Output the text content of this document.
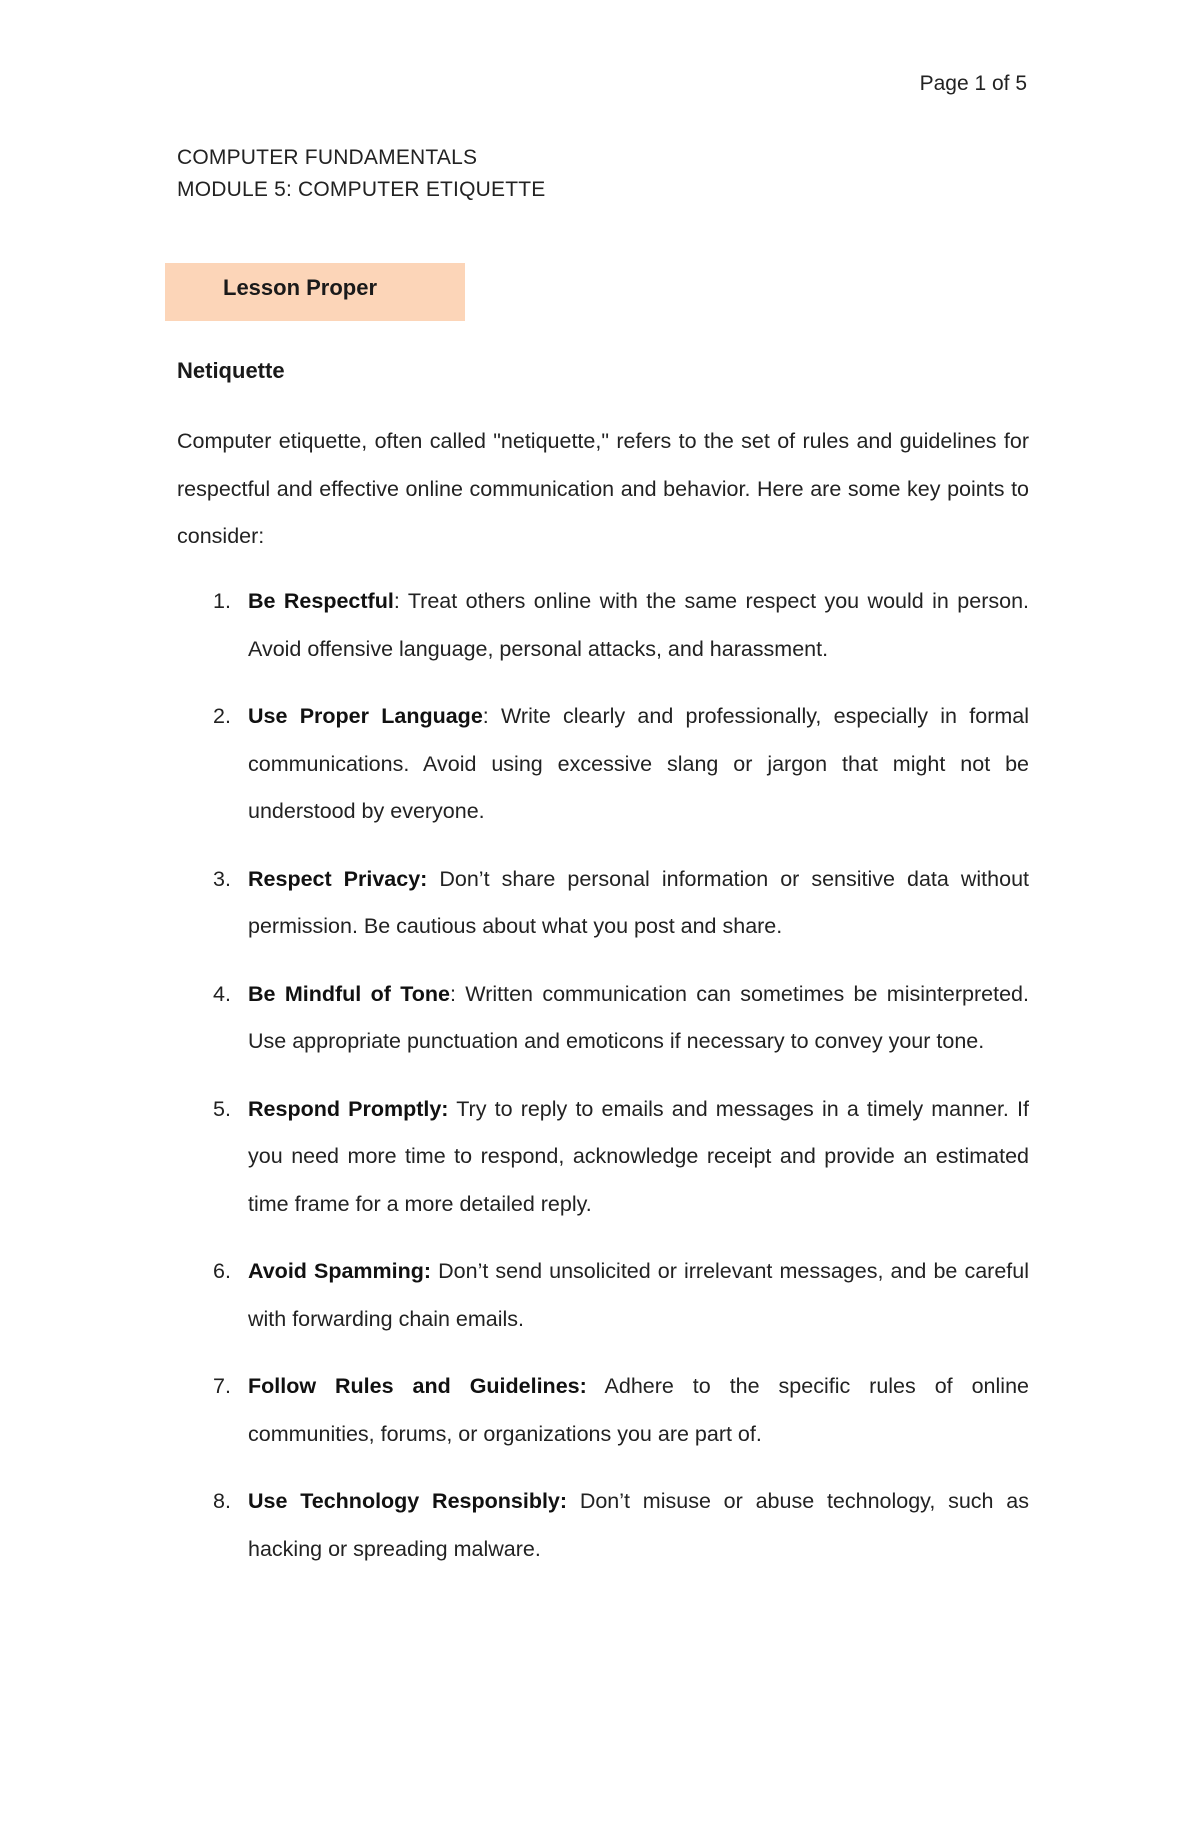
Page 1 of 5
COMPUTER FUNDAMENTALS
MODULE 5: COMPUTER ETIQUETTE
Lesson Proper
Netiquette
Computer etiquette, often called "netiquette," refers to the set of rules and guidelines for respectful and effective online communication and behavior. Here are some key points to consider:
1. Be Respectful: Treat others online with the same respect you would in person. Avoid offensive language, personal attacks, and harassment.
2. Use Proper Language: Write clearly and professionally, especially in formal communications. Avoid using excessive slang or jargon that might not be understood by everyone.
3. Respect Privacy: Don’t share personal information or sensitive data without permission. Be cautious about what you post and share.
4. Be Mindful of Tone: Written communication can sometimes be misinterpreted. Use appropriate punctuation and emoticons if necessary to convey your tone.
5. Respond Promptly: Try to reply to emails and messages in a timely manner. If you need more time to respond, acknowledge receipt and provide an estimated time frame for a more detailed reply.
6. Avoid Spamming: Don’t send unsolicited or irrelevant messages, and be careful with forwarding chain emails.
7. Follow Rules and Guidelines: Adhere to the specific rules of online communities, forums, or organizations you are part of.
8. Use Technology Responsibly: Don’t misuse or abuse technology, such as hacking or spreading malware.
